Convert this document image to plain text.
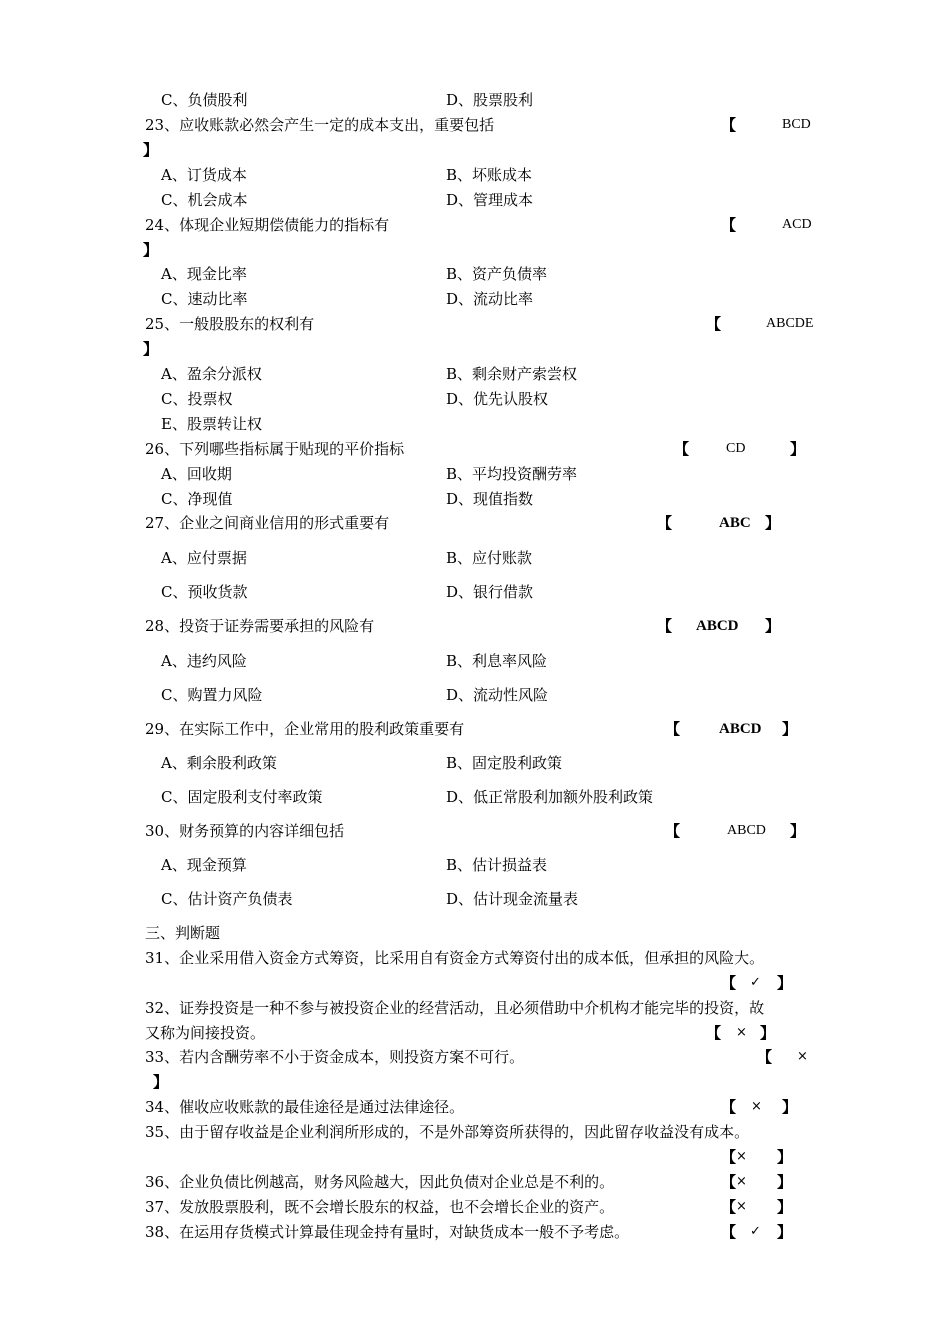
C、负债股利	D、股票股利
23、应收账款必然会产生一定的成本支出，重要包括	【	BCD
】
A、订货成本	B、坏账成本
C、机会成本	D、管理成本
24、体现企业短期偿债能力的指标有	【	ACD
】
A、现金比率	B、资产负债率
C、速动比率	D、流动比率
25、一般股股东的权利有	【	ABCDE
】
A、盈余分派权	B、剩余财产索尝权
C、投票权	D、优先认股权
E、股票转让权
26、下列哪些指标属于贴现的平价指标	【	CD	】
A、回收期	B、平均投资酬劳率
C、净现值	D、现值指数
27、企业之间商业信用的形式重要有	【	ABC 】
A、应付票据	B、应付账款
C、预收货款	D、银行借款
28、投资于证券需要承担的风险有	【 ABCD 】
A、违约风险	B、利息率风险
C、购置力风险	D、流动性风险
29、在实际工作中，企业常用的股利政策重要有	【	ABCD 】
A、剩余股利政策	B、固定股利政策
C、固定股利支付率政策	D、低正常股利加额外股利政策
30、财务预算的内容详细包括	【	ABCD 】
A、现金预算	B、估计损益表
C、估计资产负债表	D、估计现金流量表
三、判断题
31、企业采用借入资金方式筹资，比采用自有资金方式筹资付出的成本低，但承担的风险大。
【 ✓ 】
32、证券投资是一种不参与被投资企业的经营活动，且必须借助中介机构才能完毕的投资，故
又称为间接投资。	【 × 】
33、若内含酬劳率不小于资金成本，则投资方案不可行。	【 ×
】
34、催收应收账款的最佳途径是通过法律途径。	【 × 】
35、由于留存收益是企业利润所形成的，不是外部筹资所获得的，因此留存收益没有成本。
【 × 】
36、企业负债比例越高，财务风险越大，因此负债对企业总是不利的。	【 × 】
37、发放股票股利，既不会增长股东的权益，也不会增长企业的资产。	【 × 】
38、在运用存货模式计算最佳现金持有量时，对缺货成本一般不予考虑。	【 ✓ 】
